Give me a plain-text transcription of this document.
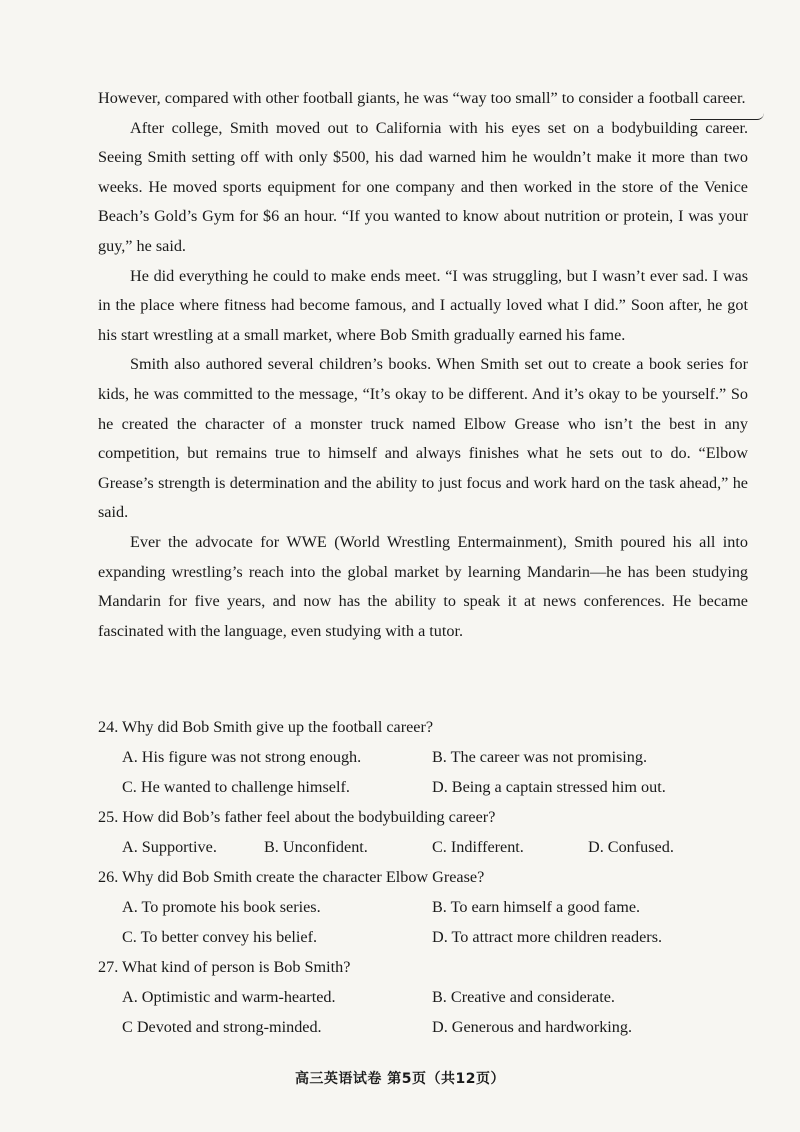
However, compared with other football giants, he was “way too small” to consider a football career.

After college, Smith moved out to California with his eyes set on a bodybuilding career. Seeing Smith setting off with only $500, his dad warned him he wouldn’t make it more than two weeks. He moved sports equipment for one company and then worked in the store of the Venice Beach’s Gold’s Gym for $6 an hour. “If you wanted to know about nutrition or protein, I was your guy,” he said.

He did everything he could to make ends meet. “I was struggling, but I wasn’t ever sad. I was in the place where fitness had become famous, and I actually loved what I did.” Soon after, he got his start wrestling at a small market, where Bob Smith gradually earned his fame.

Smith also authored several children’s books. When Smith set out to create a book series for kids, he was committed to the message, “It’s okay to be different. And it’s okay to be yourself.” So he created the character of a monster truck named Elbow Grease who isn’t the best in any competition, but remains true to himself and always finishes what he sets out to do. “Elbow Grease’s strength is determination and the ability to just focus and work hard on the task ahead,” he said.

Ever the advocate for WWE (World Wrestling Entermainment), Smith poured his all into expanding wrestling’s reach into the global market by learning Mandarin—he has been studying Mandarin for five years, and now has the ability to speak it at news conferences. He became fascinated with the language, even studying with a tutor.

24. Why did Bob Smith give up the football career?
A. His figure was not strong enough.	B. The career was not promising.
C. He wanted to challenge himself.	D. Being a captain stressed him out.
25. How did Bob’s father feel about the bodybuilding career?
A. Supportive.	B. Unconfident.	C. Indifferent.	D. Confused.
26. Why did Bob Smith create the character Elbow Grease?
A. To promote his book series.	B. To earn himself a good fame.
C. To better convey his belief.	D. To attract more children readers.
27. What kind of person is Bob Smith?
A. Optimistic and warm-hearted.	B. Creative and considerate.
C Devoted and strong-minded.	D. Generous and hardworking.
高三英语试卷 第5页（共12页）
